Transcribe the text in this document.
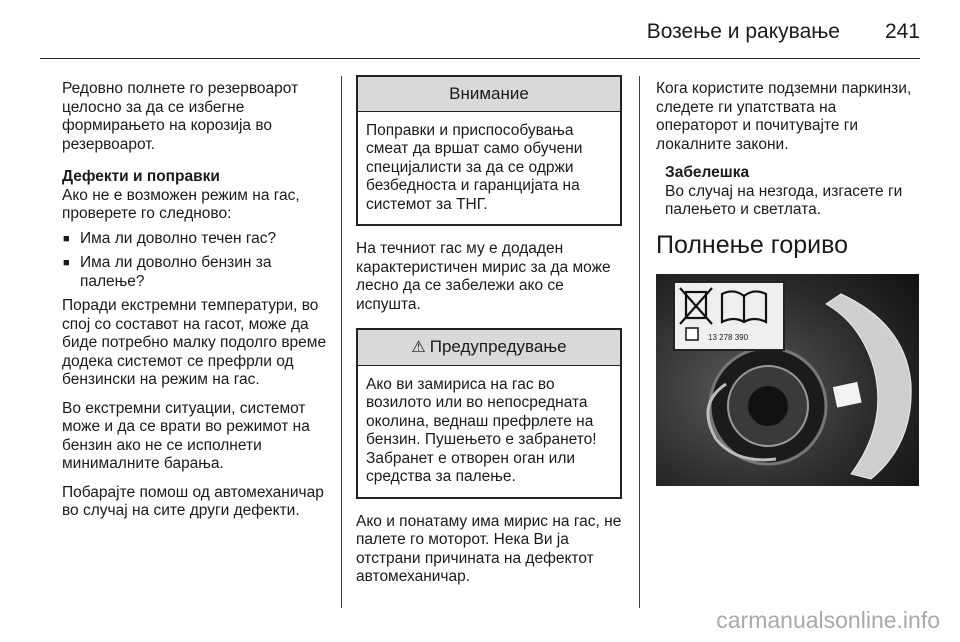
Возење и ракување 241

Редовно полнете го резервоарот целосно за да се избегне формирањето на корозија во резервоарот.

Дефекти и поправки

Ако не е возможен режим на гас, проверете го следново:

■ Има ли доволно течен гас?
■ Има ли доволно бензин за палење?

Поради екстремни температури, во спој со составот на гасот, може да биде потребно малку подолго време додека системот се префрли од бензински на режим на гас.

Во екстремни ситуации, системот може и да се врати во режимот на бензин ако не се исполнети минималните барања.

Побарајте помош од автомеханичар во случај на сите други дефекти.

Внимание
Поправки и приспособувања смеат да вршат само обучени специјалисти за да се одржи безбедноста и гаранцијата на системот за ТНГ.

На течниот гас му е додаден карактеристичен мирис за да може лесно да се забележи ако се испушта.

⚠ Предупредување
Ако ви замириса на гас во возилото или во непосредната околина, веднаш префрлете на бензин. Пушењето е забрането! Забранет е отворен оган или средства за палење.

Ако и понатаму има мирис на гас, не палете го моторот. Нека Ви ја отстрани причината на дефектот автомеханичар.

Кога користите подземни паркинзи, следете ги упатствата на операторот и почитувајте ги локалните закони.

Забелешка
Во случај на незгода, изгасете ги палењето и светлата.
Полнење гориво
13 278 390
carmanualsonline.info
